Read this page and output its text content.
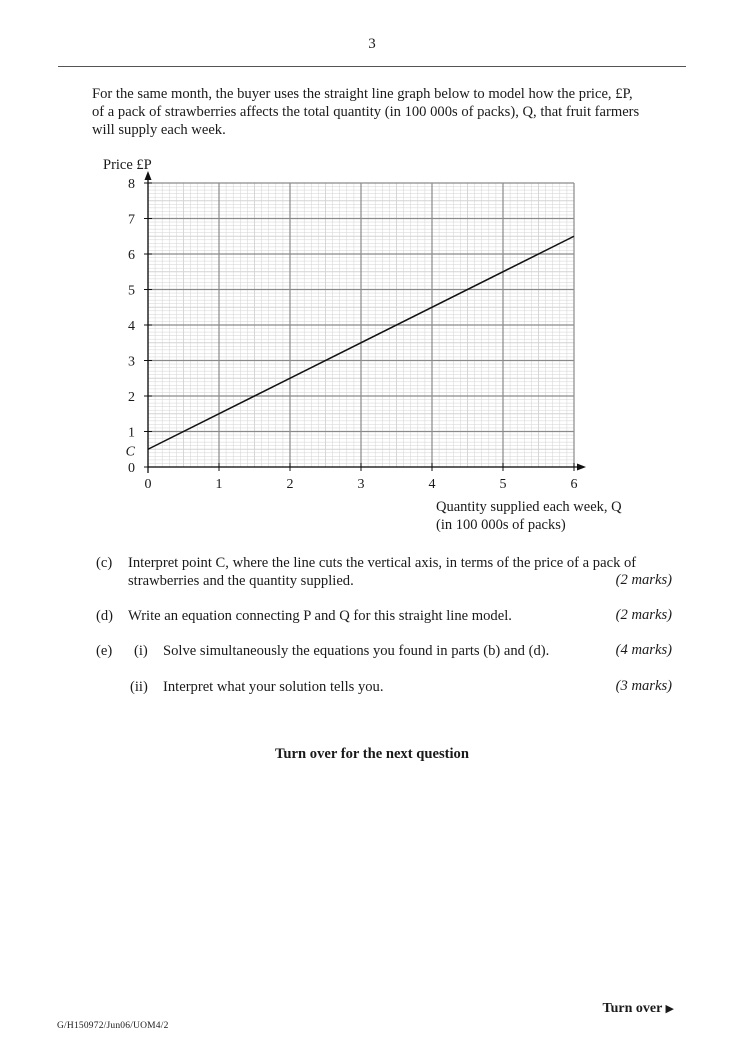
3
For the same month, the buyer uses the straight line graph below to model how the price, £P,
of a pack of strawberries affects the total quantity (in 100 000s of packs), Q, that fruit farmers
will supply each week.
0	1	2	3	4	5	6
0
1
2
3
4
5
6
7
8
C
Price £P
Quantity supplied each week, Q
(in 100 000s of packs)
(c) Interpret point C, where the line cuts the vertical axis, in terms of the price of a pack of
strawberries and the quantity supplied.	(2 marks)
(d) Write an equation connecting P and Q for this straight line model.	(2 marks)
(e) (i) Solve simultaneously the equations you found in parts (b) and (d).	(4 marks)
(ii) Interpret what your solution tells you.	(3 marks)
Turn over for the next question
Turn over ▶
G/H150972/Jun06/UOM4/2
